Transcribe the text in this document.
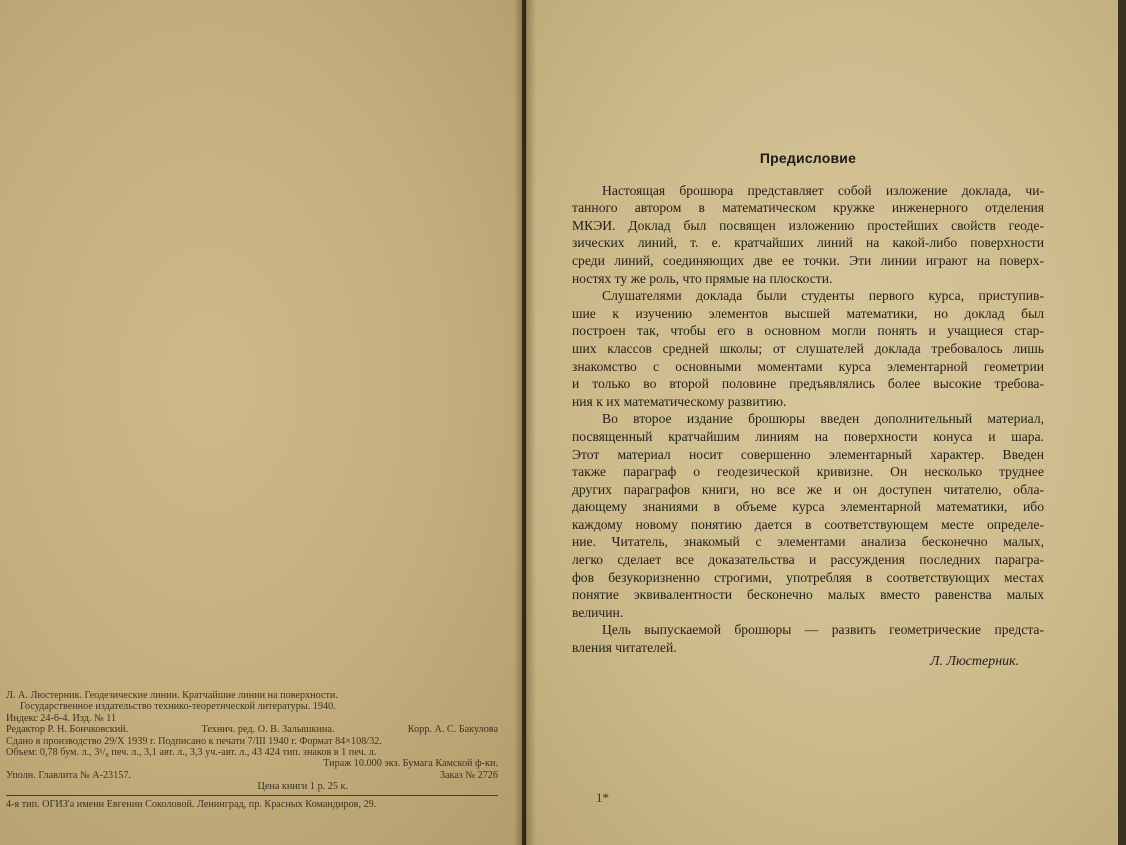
Л. А. Люстерник. Геодезические линии. Кратчайшие линии на поверхности.
Государственное издательство технико-теоретической литературы. 1940.
Индекс 24-6-4. Изд. № 11
Редактор Р. Н. Бончковский.	Технич. ред. О. В. Залышкина.	Корр. А. С. Бакулова
Сдано в производство 29/X 1939 г. Подписано к печати 7/III 1940 г. Формат 84×108/32.
Объем: 0,78 бум. л., 3¹/₈ печ. л., 3,1 авт. л., 3,3 уч.-авт. л., 43 424 тип. знаков в 1 печ. л.
Тираж 10.000 экз. Бумага Камской ф-ки.
Уполн. Главлита № А-23157.	Заказ № 2726
Цена книги 1 р. 25 к.
4-я тип. ОГИЗ'а имени Евгении Соколовой. Ленинград, пр. Красных Командиров, 29.
Предисловие
Настоящая брошюра представляет собой изложение доклада, чи-
танного автором в математическом кружке инженерного отделения
МКЭИ. Доклад был посвящен изложению простейших свойств геоде-
зических линий, т. е. кратчайших линий на какой-либо поверхности
среди линий, соединяющих две ее точки. Эти линии играют на поверх-
ностях ту же роль, что прямые на плоскости.
Слушателями доклада были студенты первого курса, приступив-
шие к изучению элементов высшей математики, но доклад был
построен так, чтобы его в основном могли понять и учащиеся стар-
ших классов средней школы; от слушателей доклада требовалось лишь
знакомство с основными моментами курса элементарной геометрии
и только во второй половине предъявлялись более высокие требова-
ния к их математическому развитию.
Во второе издание брошюры введен дополнительный материал,
посвященный кратчайшим линиям на поверхности конуса и шара.
Этот материал носит совершенно элементарный характер. Введен
также параграф о геодезической кривизне. Он несколько труднее
других параграфов книги, но все же и он доступен читателю, обла-
дающему знаниями в объеме курса элементарной математики, ибо
каждому новому понятию дается в соответствующем месте определе-
ние. Читатель, знакомый с элементами анализа бесконечно малых,
легко сделает все доказательства и рассуждения последних парагра-
фов безукоризненно строгими, употребляя в соответствующих местах
понятие эквивалентности бесконечно малых вместо равенства малых
величин.
Цель выпускаемой брошюры — развить геометрические предста-
вления читателей.
Л. Люстерник.
1*
